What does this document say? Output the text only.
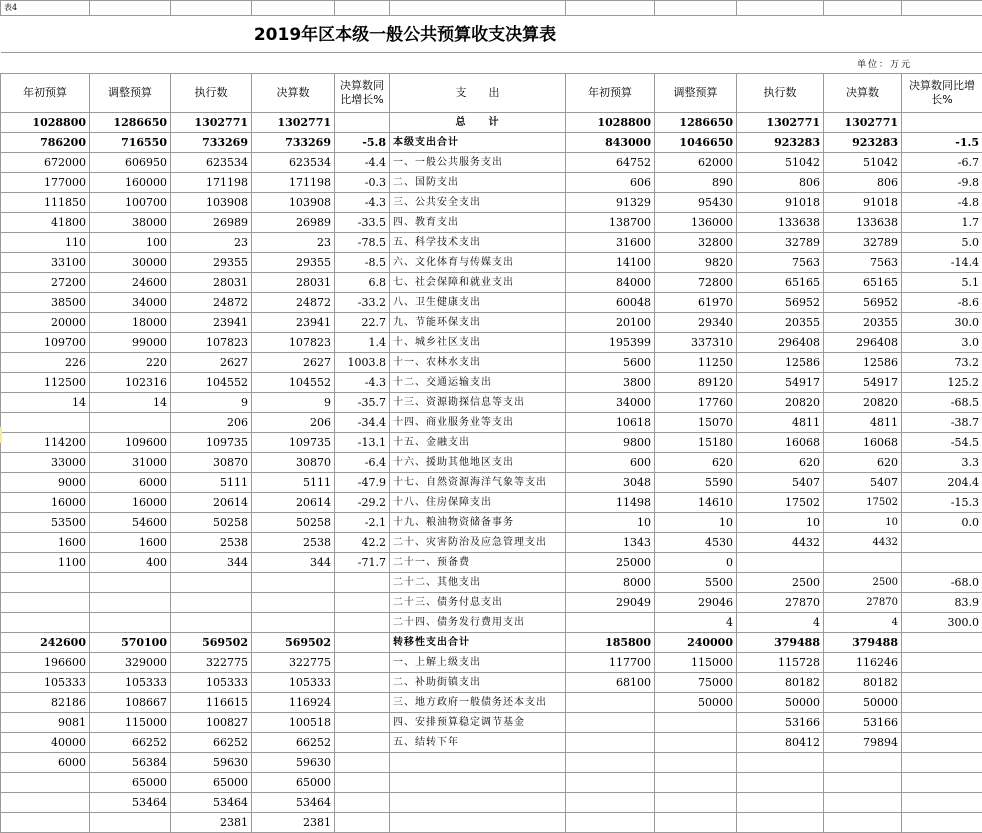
表4										

年初预算	调整预算	执行数	决算数	决算数同比增长%	支　　出	年初预算	调整预算	执行数	决算数	决算数同比增长%
1028800	1286650	1302771	1302771		总　　计	1028800	1286650	1302771	1302771	
786200	716550	733269	733269	-5.8	本级支出合计	843000	1046650	923283	923283	-1.5
672000	606950	623534	623534	-4.4	一、一般公共服务支出	64752	62000	51042	51042	-6.7
177000	160000	171198	171198	-0.3	二、国防支出	606	890	806	806	-9.8
111850	100700	103908	103908	-4.3	三、公共安全支出	91329	95430	91018	91018	-4.8
41800	38000	26989	26989	-33.5	四、教育支出	138700	136000	133638	133638	1.7
110	100	23	23	-78.5	五、科学技术支出	31600	32800	32789	32789	5.0
33100	30000	29355	29355	-8.5	六、文化体育与传媒支出	14100	9820	7563	7563	-14.4
27200	24600	28031	28031	6.8	七、社会保障和就业支出	84000	72800	65165	65165	5.1
38500	34000	24872	24872	-33.2	八、卫生健康支出	60048	61970	56952	56952	-8.6
20000	18000	23941	23941	22.7	九、节能环保支出	20100	29340	20355	20355	30.0
109700	99000	107823	107823	1.4	十、城乡社区支出	195399	337310	296408	296408	3.0
226	220	2627	2627	1003.8	十一、农林水支出	5600	11250	12586	12586	73.2
112500	102316	104552	104552	-4.3	十二、交通运输支出	3800	89120	54917	54917	125.2
14	14	9	9	-35.7	十三、资源勘探信息等支出	34000	17760	20820	20820	-68.5
		206	206	-34.4	十四、商业服务业等支出	10618	15070	4811	4811	-38.7
114200	109600	109735	109735	-13.1	十五、金融支出	9800	15180	16068	16068	-54.5
33000	31000	30870	30870	-6.4	十六、援助其他地区支出	600	620	620	620	3.3
9000	6000	5111	5111	-47.9	十七、自然资源海洋气象等支出	3048	5590	5407	5407	204.4
16000	16000	20614	20614	-29.2	十八、住房保障支出	11498	14610	17502	17502	-15.3
53500	54600	50258	50258	-2.1	十九、粮油物资储备事务	10	10	10	10	0.0
1600	1600	2538	2538	42.2	二十、灾害防治及应急管理支出	1343	4530	4432	4432	
1100	400	344	344	-71.7	二十一、预备费	25000	0			
					二十二、其他支出	8000	5500	2500	2500	-68.0
					二十三、债务付息支出	29049	29046	27870	27870	83.9
					二十四、债务发行费用支出		4	4	4	300.0
242600	570100	569502	569502		转移性支出合计	185800	240000	379488	379488	
196600	329000	322775	322775		一、上解上级支出	117700	115000	115728	116246	
105333	105333	105333	105333		二、补助街镇支出	68100	75000	80182	80182	
82186	108667	116615	116924		三、地方政府一般债务还本支出		50000	50000	50000	
9081	115000	100827	100518		四、安排预算稳定调节基金			53166	53166	
40000	66252	66252	66252		五、结转下年			80412	79894	
6000	56384	59630	59630							
	65000	65000	65000							
	53464	53464	53464							
		2381	2381							
2019年区本级一般公共预算收支决算表
单位：万元
